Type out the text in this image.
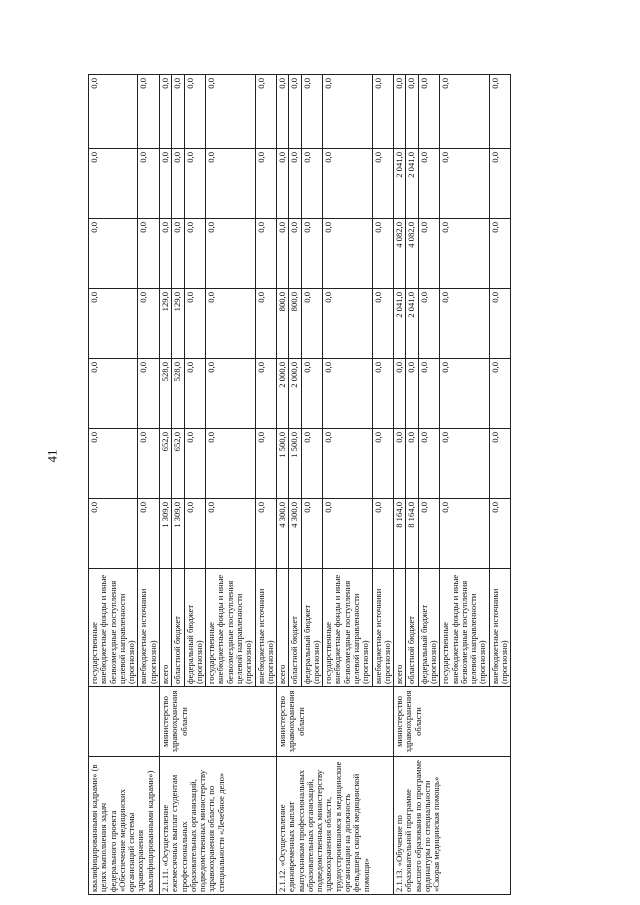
41
квалифицированными кадрами» (в целях выполнения задач федерального проекта «Обеспечение медицинских организаций системы здравоохранения квалифицированными кадрами»)		государственные внебюджетные фонды и иные безвозмездные поступления целевой направленности (прогнозно)	0,0	0,0	0,0	0,0	0,0	0,0	0,0
		внебюджетные источники (прогнозно)	0,0	0,0	0,0	0,0	0,0	0,0	0,0
2.1.11. «Осуществление ежемесячных выплат студентам профессиональных образовательных организаций, подведомственных министерству здравоохранения области, по специальности «Лечебное дело»	министерство здравоохранения области	всего	1 309,0	652,0	528,0	129,0	0,0	0,0	0,0
		областной бюджет	1 309,0	652,0	528,0	129,0	0,0	0,0	0,0
		федеральный бюджет (прогнозно)	0,0	0,0	0,0	0,0	0,0	0,0	0,0
		государственные внебюджетные фонды и иные безвозмездные поступления целевой направленности (прогнозно)	0,0	0,0	0,0	0,0	0,0	0,0	0,0
		внебюджетные источники (прогнозно)	0,0	0,0	0,0	0,0	0,0	0,0	0,0
2.1.12. «Осуществление единовременных выплат выпускникам профессиональных образовательных организаций, подведомственных министерству здравоохранения области, трудоустроившимся в медицинские организации на должность фельдшера скорой медицинской помощи»	министерство здравоохранения области	всего	4 300,0	1 500,0	2 000,0	800,0	0,0	0,0	0,0
		областной бюджет	4 300,0	1 500,0	2 000,0	800,0	0,0	0,0	0,0
		федеральный бюджет (прогнозно)	0,0	0,0	0,0	0,0	0,0	0,0	0,0
		государственные внебюджетные фонды и иные безвозмездные поступления целевой направленности (прогнозно)	0,0	0,0	0,0	0,0	0,0	0,0	0,0
		внебюджетные источники (прогнозно)	0,0	0,0	0,0	0,0	0,0	0,0	0,0
2.1.13. «Обучение по образовательной программе высшего образования по программе ординатуры по специальности «Скорая медицинская помощь»	министерство здравоохранения области	всего	8 164,0	0,0	0,0	2 041,0	4 082,0	2 041,0	0,0
		областной бюджет	8 164,0	0,0	0,0	2 041,0	4 082,0	2 041,0	0,0
		федеральный бюджет (прогнозно)	0,0	0,0	0,0	0,0	0,0	0,0	0,0
		государственные внебюджетные фонды и иные безвозмездные поступления целевой направленности (прогнозно)	0,0	0,0	0,0	0,0	0,0	0,0	0,0
		внебюджетные источники (прогнозно)	0,0	0,0	0,0	0,0	0,0	0,0	0,0
